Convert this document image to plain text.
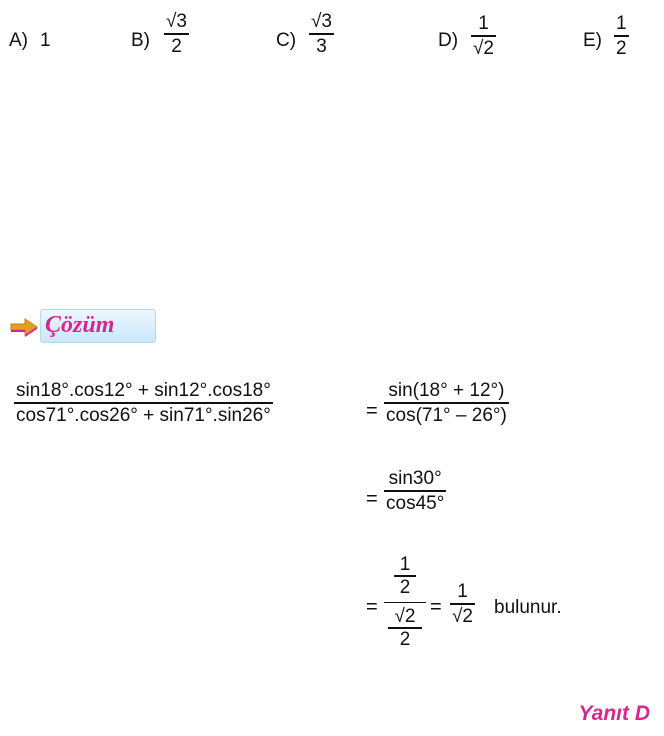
A) 1	B)
√3
2	C)
√3
3	D)
1
√2	E)
1
2
Çözüm
sin18°.cos12° + sin12°.cos18°
cos71°.cos26° + sin71°.sin26°	=
sin(18° + 12°)
cos(71° – 26°)
=
sin30°
cos45°
=
$\frac{1}{2}$
$\frac{√2}{2}$ =
1
√2 bulunur.
Yanıt D
